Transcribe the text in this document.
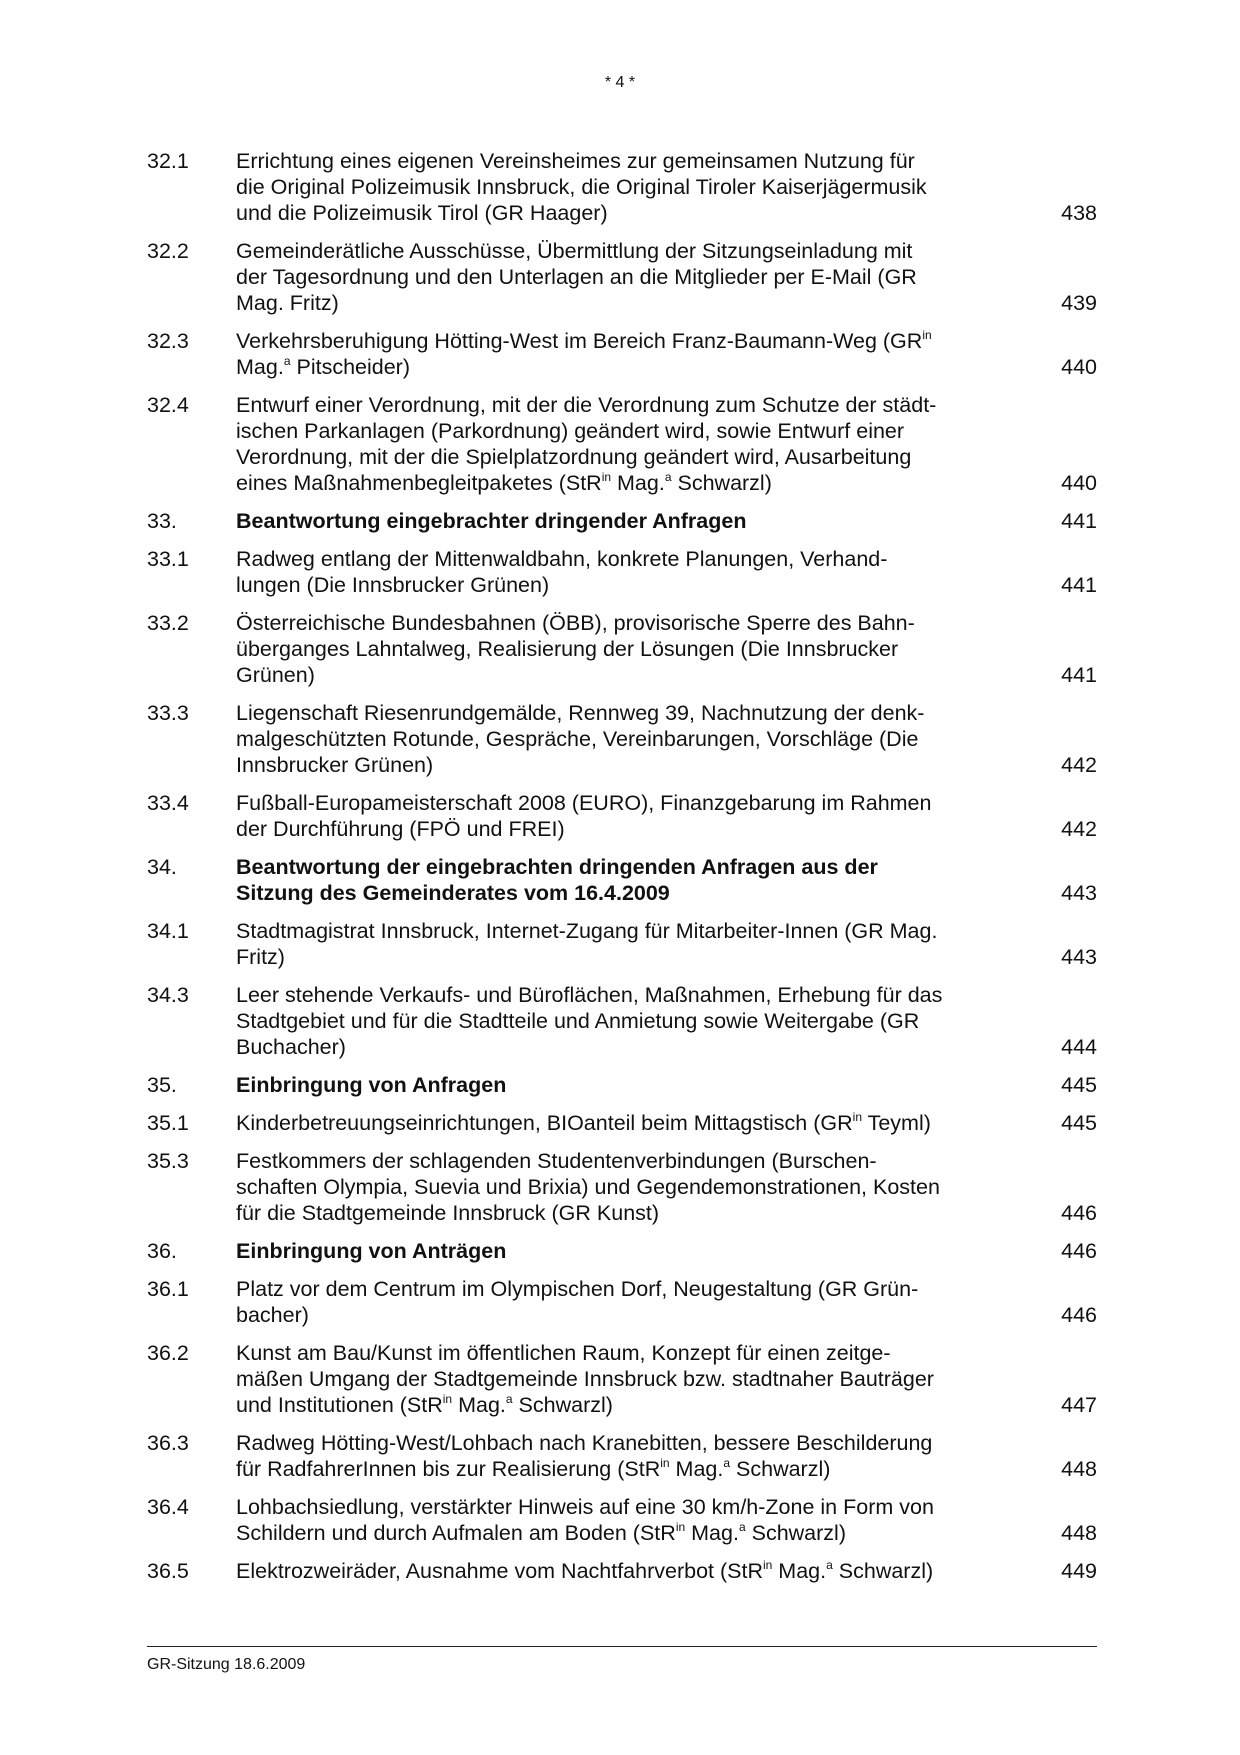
* 4 *
32.1	Errichtung eines eigenen Vereinsheimes zur gemeinsamen Nutzung für
die Original Polizeimusik Innsbruck, die Original Tiroler Kaiserjägermusik
und die Polizeimusik Tirol (GR Haager)	438
32.2	Gemeinderätliche Ausschüsse, Übermittlung der Sitzungseinladung mit
der Tagesordnung und den Unterlagen an die Mitglieder per E-Mail (GR
Mag. Fritz)	439
32.3	Verkehrsberuhigung Hötting-West im Bereich Franz-Baumann-Weg ($GR^{in}$
Mag.$^a$ Pitscheider)	440
32.4	Entwurf einer Verordnung, mit der die Verordnung zum Schutze der städt-
ischen Parkanlagen (Parkordnung) geändert wird, sowie Entwurf einer
Verordnung, mit der die Spielplatzordnung geändert wird, Ausarbeitung
eines Maßnahmenbegleitpaketes (StR$^{in}$ Mag.$^a$ Schwarzl)	440
33.	Beantwortung eingebrachter dringender Anfragen	441
33.1	Radweg entlang der Mittenwaldbahn, konkrete Planungen, Verhand-
lungen (Die Innsbrucker Grünen)	441
33.2	Österreichische Bundesbahnen (ÖBB), provisorische Sperre des Bahn-
überganges Lahntalweg, Realisierung der Lösungen (Die Innsbrucker
Grünen)	441
33.3	Liegenschaft Riesenrundgemälde, Rennweg 39, Nachnutzung der denk-
malgeschützten Rotunde, Gespräche, Vereinbarungen, Vorschläge (Die
Innsbrucker Grünen)	442
33.4	Fußball-Europameisterschaft 2008 (EURO), Finanzgebarung im Rahmen
der Durchführung (FPÖ und FREI)	442
34.	Beantwortung der eingebrachten dringenden Anfragen aus der
Sitzung des Gemeinderates vom 16.4.2009	443
34.1	Stadtmagistrat Innsbruck, Internet-Zugang für Mitarbeiter-Innen (GR Mag.
Fritz)	443
34.3	Leer stehende Verkaufs- und Büroflächen, Maßnahmen, Erhebung für das
Stadtgebiet und für die Stadtteile und Anmietung sowie Weitergabe (GR
Buchacher)	444
35.	Einbringung von Anfragen	445
35.1	Kinderbetreuungseinrichtungen, BIOanteil beim Mittagstisch ($GR^{in}$ Teyml)	445
35.3	Festkommers der schlagenden Studentenverbindungen (Burschen-
schaften Olympia, Suevia und Brixia) und Gegendemonstrationen, Kosten
für die Stadtgemeinde Innsbruck (GR Kunst)	446
36.	Einbringung von Anträgen	446
36.1	Platz vor dem Centrum im Olympischen Dorf, Neugestaltung (GR Grün-
bacher)	446
36.2	Kunst am Bau/Kunst im öffentlichen Raum, Konzept für einen zeitge-
mäßen Umgang der Stadtgemeinde Innsbruck bzw. stadtnaher Bauträger
und Institutionen (StR$^{in}$ Mag.$^a$ Schwarzl)	447
36.3	Radweg Hötting-West/Lohbach nach Kranebitten, bessere Beschilderung
für RadfahrerInnen bis zur Realisierung (StR$^{in}$ Mag.$^a$ Schwarzl)	448
36.4	Lohbachsiedlung, verstärkter Hinweis auf eine 30 km/h-Zone in Form von
Schildern und durch Aufmalen am Boden (StR$^{in}$ Mag.$^a$ Schwarzl)	448
36.5	Elektrozweiräder, Ausnahme vom Nachtfahrverbot (StR$^{in}$ Mag.$^a$ Schwarzl)	449
GR-Sitzung 18.6.2009
